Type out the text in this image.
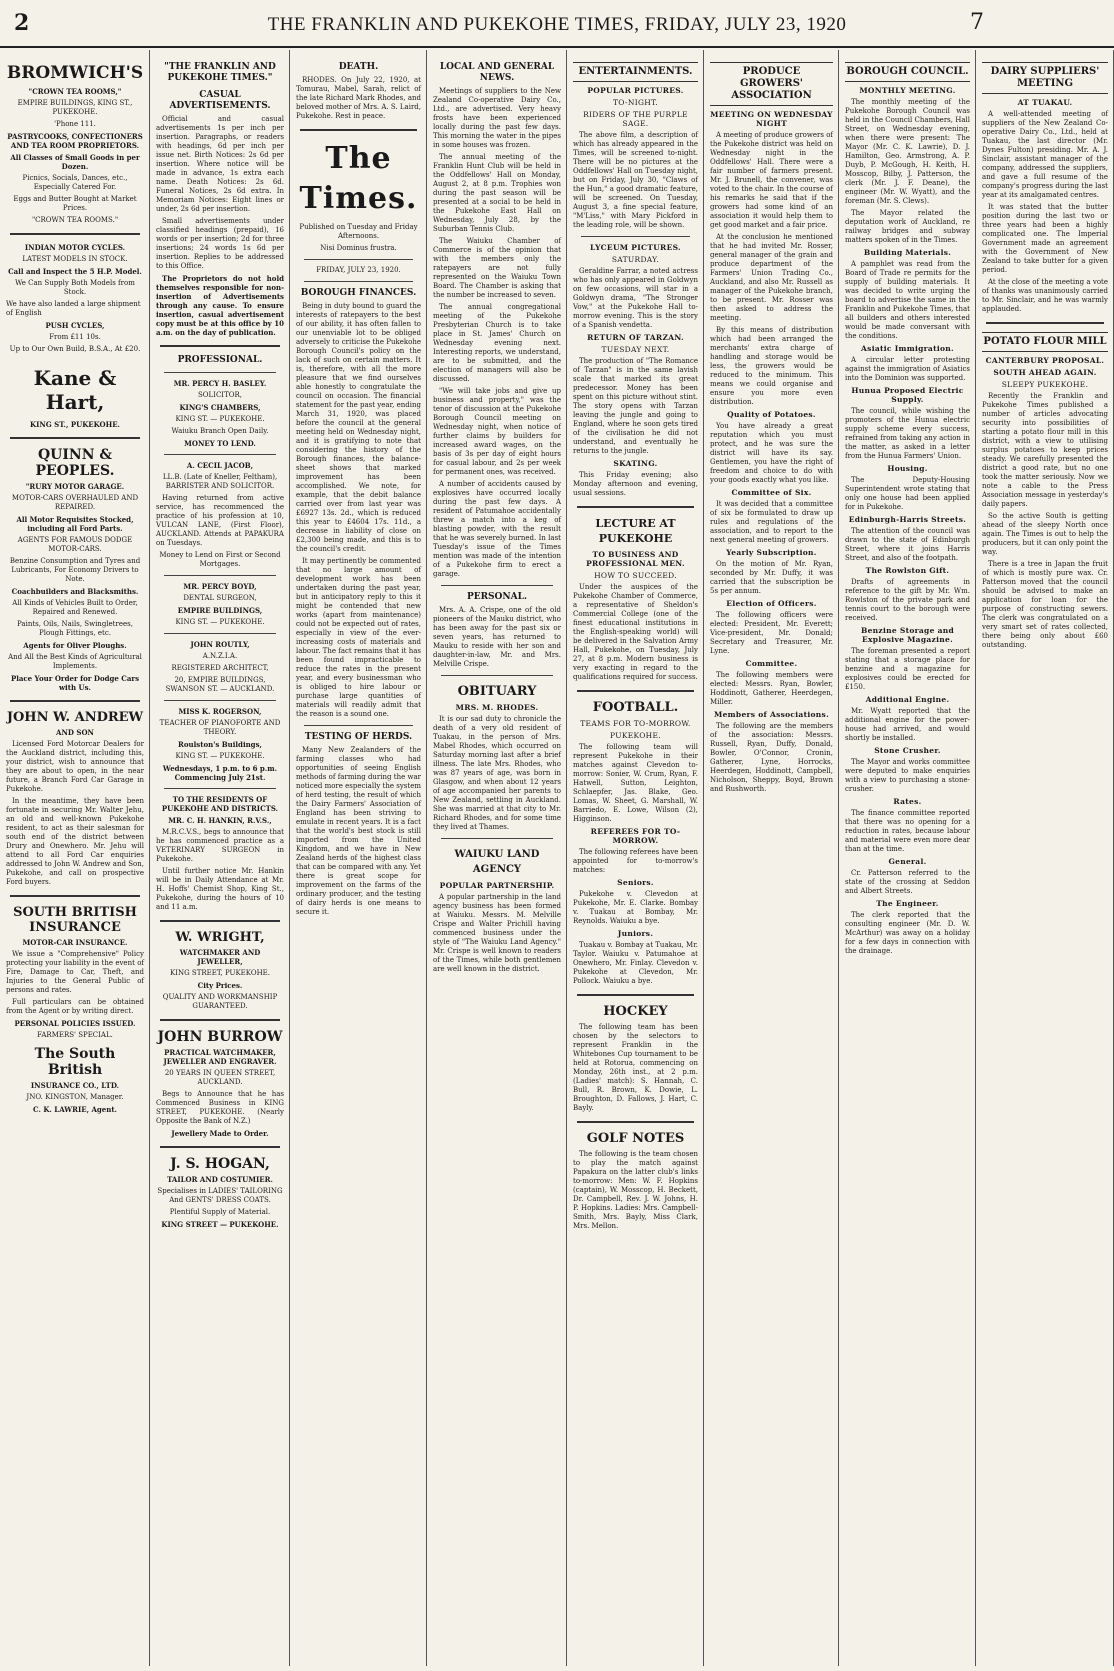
2	THE FRANKLIN AND PUKEKOHE TIMES, FRIDAY, JULY 23, 1920	7
BROMWICH'S
"CROWN TEA ROOMS,"
EMPIRE BUILDINGS, KING ST., PUKEKOHE.
'Phone 111.
PASTRYCOOKS, CONFECTIONERS AND TEA ROOM PROPRIETORS.
All Classes of Small Goods in per Dozen.
Picnics, Socials, Dances, etc., Especially Catered For.
Eggs and Butter Bought at Market Prices.
"CROWN TEA ROOMS."
INDIAN MOTOR CYCLES.
LATEST MODELS IN STOCK.
Call and Inspect the 5 H.P. Model.
We Can Supply Both Models from Stock.
We have also landed a large shipment of English
PUSH CYCLES,
From £11 10s.
Up to Our Own Build, B.S.A., At £20.
Kane & Hart,
KING ST., PUKEKOHE.
QUINN & PEOPLES.
"RURY MOTOR GARAGE.
MOTOR-CARS OVERHAULED AND REPAIRED.
All Motor Requisites Stocked, including all Ford Parts.
AGENTS FOR FAMOUS DODGE MOTOR-CARS.
Benzine Consumption and Tyres and Lubricants, For Economy Drivers to Note.
Coachbuilders and Blacksmiths.
All Kinds of Vehicles Built to Order, Repaired and Renewed.
Paints, Oils, Nails, Swingletrees, Plough Fittings, etc.
Agents for Oliver Ploughs.
And All the Best Kinds of Agricultural Implements.
Place Your Order for Dodge Cars with Us.
JOHN W. ANDREW
AND SON
Licensed Ford Motorcar Dealers for the Auckland district, including this, your district, wish to announce that they are about to open, in the near future, a Branch Ford Car Garage in Pukekohe.
In the meantime, they have been fortunate in securing Mr. Walter Jehu, an old and well-known Pukekohe resident, to act as their salesman for south end of the district between Drury and Onewhero. Mr. Jehu will attend to all Ford Car enquiries addressed to John W. Andrew and Son, Pukekohe, and call on prospective Ford buyers.
SOUTH BRITISH INSURANCE
MOTOR-CAR INSURANCE.
We issue a "Comprehensive" Policy protecting your liability in the event of Fire, Damage to Car, Theft, and Injuries to the General Public of persons and rates.
Full particulars can be obtained from the Agent or by writing direct.
PERSONAL POLICIES ISSUED.
FARMERS' SPECIAL.
The South British
INSURANCE CO., LTD.
JNO. KINGSTON, Manager.
C. K. LAWRIE, Agent.
"THE FRANKLIN AND PUKEKOHE TIMES."
CASUAL ADVERTISEMENTS.
Official and casual advertisements 1s per inch per insertion. Paragraphs, or readers with headings, 6d per inch per issue net. Birth Notices: 2s 6d per insertion. Where notice will be made in advance, 1s extra each name. Death Notices: 2s 6d. Funeral Notices, 2s 6d extra. In Memoriam Notices: Eight lines or under, 2s 6d per insertion.
Small advertisements under classified headings (prepaid), 16 words or per insertion; 2d for three insertions; 24 words 1s 6d per insertion. Replies to be addressed to this Office.
The Proprietors do not hold themselves responsible for non-insertion of Advertisements through any cause. To ensure insertion, casual advertisement copy must be at this office by 10 a.m. on the day of publication.
PROFESSIONAL.
MR. PERCY H. BASLEY.
SOLICITOR,
KING'S CHAMBERS,
KING ST. — PUKEKOHE.
Waiuku Branch Open Daily.
MONEY TO LEND.
A. CECIL JACOB,
LL.B. (Late of Kneller, Feltham), BARRISTER AND SOLICITOR.
Having returned from active service, has recommenced the practice of his profession at 10, VULCAN LANE, (First Floor), AUCKLAND. Attends at PAPAKURA on Tuesdays.
Money to Lend on First or Second Mortgages.
MR. PERCY BOYD,
DENTAL SURGEON,
EMPIRE BUILDINGS,
KING ST. — PUKEKOHE.
JOHN ROUTLY,
A.N.Z.I.A.
REGISTERED ARCHITECT,
20, EMPIRE BUILDINGS, SWANSON ST. — AUCKLAND.
MISS K. ROGERSON,
TEACHER OF PIANOFORTE AND THEORY.
Roulston's Buildings,
KING ST. — PUKEKOHE.
Wednesdays, 1 p.m. to 6 p.m. Commencing July 21st.
TO THE RESIDENTS OF PUKEKOHE AND DISTRICTS.
MR. C. H. HANKIN, R.V.S.,
M.R.C.V.S., begs to announce that he has commenced practice as a VETERINARY SURGEON in Pukekohe.
Until further notice Mr. Hankin will be in Daily Attendance at Mr. H. Hoffs' Chemist Shop, King St., Pukekohe, during the hours of 10 and 11 a.m.
W. WRIGHT,
WATCHMAKER AND JEWELLER,
KING STREET, PUKEKOHE.
City Prices.
QUALITY AND WORKMANSHIP GUARANTEED.
JOHN BURROW
PRACTICAL WATCHMAKER, JEWELLER AND ENGRAVER.
20 YEARS IN QUEEN STREET, AUCKLAND.
Begs to Announce that he has Commenced Business in KING STREET, PUKEKOHE. (Nearly Opposite the Bank of N.Z.)
Jewellery Made to Order.
J. S. HOGAN,
TAILOR AND COSTUMIER.
Specialises in LADIES' TAILORING And GENTS' DRESS COATS.
Plentiful Supply of Material.
KING STREET — PUKEKOHE.
DEATH.
RHODES. On July 22, 1920, at Tomurau, Mabel, Sarah, relict of the late Richard Mark Rhodes, and beloved mother of Mrs. A. S. Laird, Pukekohe. Rest in peace.
The Times.
Published on Tuesday and Friday Afternoons.
Nisi Dominus frustra.
FRIDAY, JULY 23, 1920.
BOROUGH FINANCES.
Being in duty bound to guard the interests of ratepayers to the best of our ability, it has often fallen to our unenviable lot to be obliged adversely to criticise the Pukekohe Borough Council's policy on the lack of such on certain matters. It is, therefore, with all the more pleasure that we find ourselves able honestly to congratulate the council on occasion. The financial statement for the past year, ending March 31, 1920, was placed before the council at the general meeting held on Wednesday night, and it is gratifying to note that considering the history of the Borough finances, the balance-sheet shows that marked improvement has been accomplished. We note, for example, that the debit balance carried over from last year was £6927 13s. 2d., which is reduced this year to £4604 17s. 11d., a decrease in liability of close on £2,300 being made, and this is to the council's credit.
It may pertinently be commented that no large amount of development work has been undertaken during the past year, but in anticipatory reply to this it might be contended that new works (apart from maintenance) could not be expected out of rates, especially in view of the ever-increasing costs of materials and labour. The fact remains that it has been found impracticable to reduce the rates in the present year, and every businessman who is obliged to hire labour or purchase large quantities of materials will readily admit that the reason is a sound one.
TESTING OF HERDS.
Many New Zealanders of the farming classes who had opportunities of seeing English methods of farming during the war noticed more especially the system of herd testing, the result of which the Dairy Farmers' Association of England has been striving to emulate in recent years. It is a fact that the world's best stock is still imported from the United Kingdom, and we have in New Zealand herds of the highest class that can be compared with any. Yet there is great scope for improvement on the farms of the ordinary producer, and the testing of dairy herds is one means to secure it.
LOCAL AND GENERAL NEWS.
Meetings of suppliers to the New Zealand Co-operative Dairy Co., Ltd., are advertised. Very heavy frosts have been experienced locally during the past few days. This morning the water in the pipes in some houses was frozen.
The annual meeting of the Franklin Hunt Club will be held in the Oddfellows' Hall on Monday, August 2, at 8 p.m. Trophies won during the past season will be presented at a social to be held in the Pukekohe East Hall on Wednesday, July 28, by the Suburban Tennis Club.
The Waiuku Chamber of Commerce is of the opinion that with the members only the ratepayers are not fully represented on the Waiuku Town Board. The Chamber is asking that the number be increased to seven.
The annual congregational meeting of the Pukekohe Presbyterian Church is to take place in St. James' Church on Wednesday evening next. Interesting reports, we understand, are to be submitted, and the election of managers will also be discussed.
"We will take jobs and give up business and property," was the tenor of discussion at the Pukekohe Borough Council meeting on Wednesday night, when notice of further claims by builders for increased award wages, on the basis of 3s per day of eight hours for casual labour, and 2s per week for permanent ones, was received.
A number of accidents caused by explosives have occurred locally during the past few days. A resident of Patumahoe accidentally threw a match into a keg of blasting powder, with the result that he was severely burned. In last Tuesday's issue of the Times mention was made of the intention of a Pukekohe firm to erect a garage.
PERSONAL.
Mrs. A. A. Crispe, one of the old pioneers of the Mauku district, who has been away for the past six or seven years, has returned to Mauku to reside with her son and daughter-in-law, Mr. and Mrs. Melville Crispe.
OBITUARY
MRS. M. RHODES.
It is our sad duty to chronicle the death of a very old resident of Tuakau, in the person of Mrs. Mabel Rhodes, which occurred on Saturday morning last after a brief illness. The late Mrs. Rhodes, who was 87 years of age, was born in Glasgow, and when about 12 years of age accompanied her parents to New Zealand, settling in Auckland. She was married at that city to Mr. Richard Rhodes, and for some time they lived at Thames.
WAIUKU LAND AGENCY
POPULAR PARTNERSHIP.
A popular partnership in the land agency business has been formed at Waiuku. Messrs. M. Melville Crispe and Walter Prichill having commenced business under the style of "The Waiuku Land Agency." Mr. Crispe is well known to readers of the Times, while both gentlemen are well known in the district.
ENTERTAINMENTS.
POPULAR PICTURES.
TO-NIGHT.
RIDERS OF THE PURPLE SAGE.
The above film, a description of which has already appeared in the Times, will be screened to-night. There will be no pictures at the Oddfellows' Hall on Tuesday night, but on Friday, July 30, "Claws of the Hun," a good dramatic feature, will be screened. On Tuesday, August 3, a fine special feature, "M'Liss," with Mary Pickford in the leading role, will be shown.
LYCEUM PICTURES.
SATURDAY.
Geraldine Farrar, a noted actress who has only appeared in Goldwyn on few occasions, will star in a Goldwyn drama, "The Stronger Vow," at the Pukekohe Hall to-morrow evening. This is the story of a Spanish vendetta.
RETURN OF TARZAN.
TUESDAY NEXT.
The production of "The Romance of Tarzan" is in the same lavish scale that marked its great predecessor. Money has been spent on this picture without stint. The story opens with Tarzan leaving the jungle and going to England, where he soon gets tired of the civilisation he did not understand, and eventually he returns to the jungle.
SKATING.
This Friday evening; also Monday afternoon and evening, usual sessions.
LECTURE AT PUKEKOHE
TO BUSINESS AND PROFESSIONAL MEN.
HOW TO SUCCEED.
Under the auspices of the Pukekohe Chamber of Commerce, a representative of Sheldon's Commercial College (one of the finest educational institutions in the English-speaking world) will be delivered in the Salvation Army Hall, Pukekohe, on Tuesday, July 27, at 8 p.m. Modern business is very exacting in regard to the qualifications required for success.
FOOTBALL.
TEAMS FOR TO-MORROW.
PUKEKOHE.
The following team will represent Pukekohe in their matches against Clevedon to-morrow: Sonier, W. Crum, Ryan, F. Hatwell, Sutton, Leighton, Schlaepfer, Jas. Blake, Geo. Lomas, W. Sheet, G. Marshall, W. Barriedo, E. Lowe, Wilson (2), Higginson.
REFEREES FOR TO-MORROW.
The following referees have been appointed for to-morrow's matches:
Seniors.
Pukekohe v. Clevedon at Pukekohe, Mr. E. Clarke. Bombay v. Tuakau at Bombay, Mr. Reynolds. Waiuku a bye.
Juniors.
Tuakau v. Bombay at Tuakau, Mr. Taylor. Waiuku v. Patumahoe at Onewhero, Mr. Finlay. Clevedon v. Pukekohe at Clevedon, Mr. Pollock. Waiuku a bye.
HOCKEY
The following team has been chosen by the selectors to represent Franklin in the Whitebones Cup tournament to be held at Rotorua, commencing on Monday, 26th inst., at 2 p.m. (Ladies' match): S. Hannah, C. Bull, R. Brown, K. Dowie, L. Broughton, D. Fallows, J. Hart, C. Bayly.
GOLF NOTES
The following is the team chosen to play the match against Papakura on the latter club's links to-morrow: Men: W. F. Hopkins (captain), W. Mosscop, H. Beckett, Dr. Campbell, Rev. J. W. Johns, H. P. Hopkins. Ladies: Mrs. Campbell-Smith, Mrs. Bayly, Miss Clark, Mrs. Mellon.
PRODUCE GROWERS' ASSOCIATION
MEETING ON WEDNESDAY NIGHT
A meeting of produce growers of the Pukekohe district was held on Wednesday night in the Oddfellows' Hall. There were a fair number of farmers present. Mr. J. Brunell, the convener, was voted to the chair. In the course of his remarks he said that if the growers had some kind of an association it would help them to get good market and a fair price.
At the conclusion he mentioned that he had invited Mr. Rosser, general manager of the grain and produce department of the Farmers' Union Trading Co., Auckland, and also Mr. Russell as manager of the Pukekohe branch, to be present. Mr. Rosser was then asked to address the meeting.
By this means of distribution which had been arranged the merchants' extra charge of handling and storage would be less, the growers would be reduced to the minimum. This means we could organise and ensure you more even distribution.
Quality of Potatoes.
You have already a great reputation which you must protect, and he was sure the district will have its say. Gentlemen, you have the right of freedom and choice to do with your goods exactly what you like.
Committee of Six.
It was decided that a committee of six be formulated to draw up rules and regulations of the association, and to report to the next general meeting of growers.
Yearly Subscription.
On the motion of Mr. Ryan, seconded by Mr. Duffy, it was carried that the subscription be 5s per annum.
Election of Officers.
The following officers were elected: President, Mr. Everett; Vice-president, Mr. Donald; Secretary and Treasurer, Mr. Lyne.
Committee.
The following members were elected: Messrs. Ryan, Bowler, Hoddinott, Gatherer, Heerdegen, Miller.
Members of Associations.
The following are the members of the association: Messrs. Russell, Ryan, Duffy, Donald, Bowler, O'Connor, Cronin, Gatherer, Lyne, Horrocks, Heerdegen, Hoddinott, Campbell, Nicholson, Sheppy, Boyd, Brown and Rushworth.
BOROUGH COUNCIL.
MONTHLY MEETING.
The monthly meeting of the Pukekohe Borough Council was held in the Council Chambers, Hall Street, on Wednesday evening, when there were present: The Mayor (Mr. C. K. Lawrie), D. J. Hamilton, Geo. Armstrong, A. P. Duyb, P. McGough, H. Keith, H. Mosscop, Bilby, J. Patterson, the clerk (Mr. J. F. Deane), the engineer (Mr. W. Wyatt), and the foreman (Mr. S. Clews).
The Mayor related the deputation work of Auckland, re railway bridges and subway matters spoken of in the Times.
Building Materials.
A pamphlet was read from the Board of Trade re permits for the supply of building materials. It was decided to write urging the board to advertise the same in the Franklin and Pukekohe Times, that all builders and others interested would be made conversant with the conditions.
Asiatic Immigration.
A circular letter protesting against the immigration of Asiatics into the Dominion was supported.
Hunua Proposed Electric Supply.
The council, while wishing the promoters of the Hunua electric supply scheme every success, refrained from taking any action in the matter, as asked in a letter from the Hunua Farmers' Union.
Housing.
The Deputy-Housing Superintendent wrote stating that only one house had been applied for in Pukekohe.
Edinburgh-Harris Streets.
The attention of the council was drawn to the state of Edinburgh Street, where it joins Harris Street, and also of the footpath.
The Rowlston Gift.
Drafts of agreements in reference to the gift by Mr. Wm. Rowlston of the private park and tennis court to the borough were received.
Benzine Storage and Explosive Magazine.
The foreman presented a report stating that a storage place for benzine and a magazine for explosives could be erected for £150.
Additional Engine.
Mr. Wyatt reported that the additional engine for the power-house had arrived, and would shortly be installed.
Stone Crusher.
The Mayor and works committee were deputed to make enquiries with a view to purchasing a stone-crusher.
Rates.
The finance committee reported that there was no opening for a reduction in rates, because labour and material were even more dear than at the time.
General.
Cr. Patterson referred to the state of the crossing at Seddon and Albert Streets.
The Engineer.
The clerk reported that the consulting engineer (Mr. D. W. McArthur) was away on a holiday for a few days in connection with the drainage.
DAIRY SUPPLIERS' MEETING
AT TUAKAU.
A well-attended meeting of suppliers of the New Zealand Co-operative Dairy Co., Ltd., held at Tuakau, the last director (Mr. Dynes Fulton) presiding. Mr. A. J. Sinclair, assistant manager of the company, addressed the suppliers, and gave a full resume of the company's progress during the last year at its amalgamated centres.
It was stated that the butter position during the last two or three years had been a highly complicated one. The Imperial Government made an agreement with the Government of New Zealand to take butter for a given period.
At the close of the meeting a vote of thanks was unanimously carried to Mr. Sinclair, and he was warmly applauded.
POTATO FLOUR MILL
CANTERBURY PROPOSAL.
SOUTH AHEAD AGAIN.
SLEEPY PUKEKOHE.
Recently the Franklin and Pukekohe Times published a number of articles advocating security into possibilities of starting a potato flour mill in this district, with a view to utilising surplus potatoes to keep prices steady. We carefully presented the district a good rate, but no one took the matter seriously. Now we note a cable to the Press Association message in yesterday's daily papers.
So the active South is getting ahead of the sleepy North once again. The Times is out to help the producers, but it can only point the way.
There is a tree in Japan the fruit of which is mostly pure wax. Cr. Patterson moved that the council should be advised to make an application for loan for the purpose of constructing sewers. The clerk was congratulated on a very smart set of rates collected, there being only about £60 outstanding.
